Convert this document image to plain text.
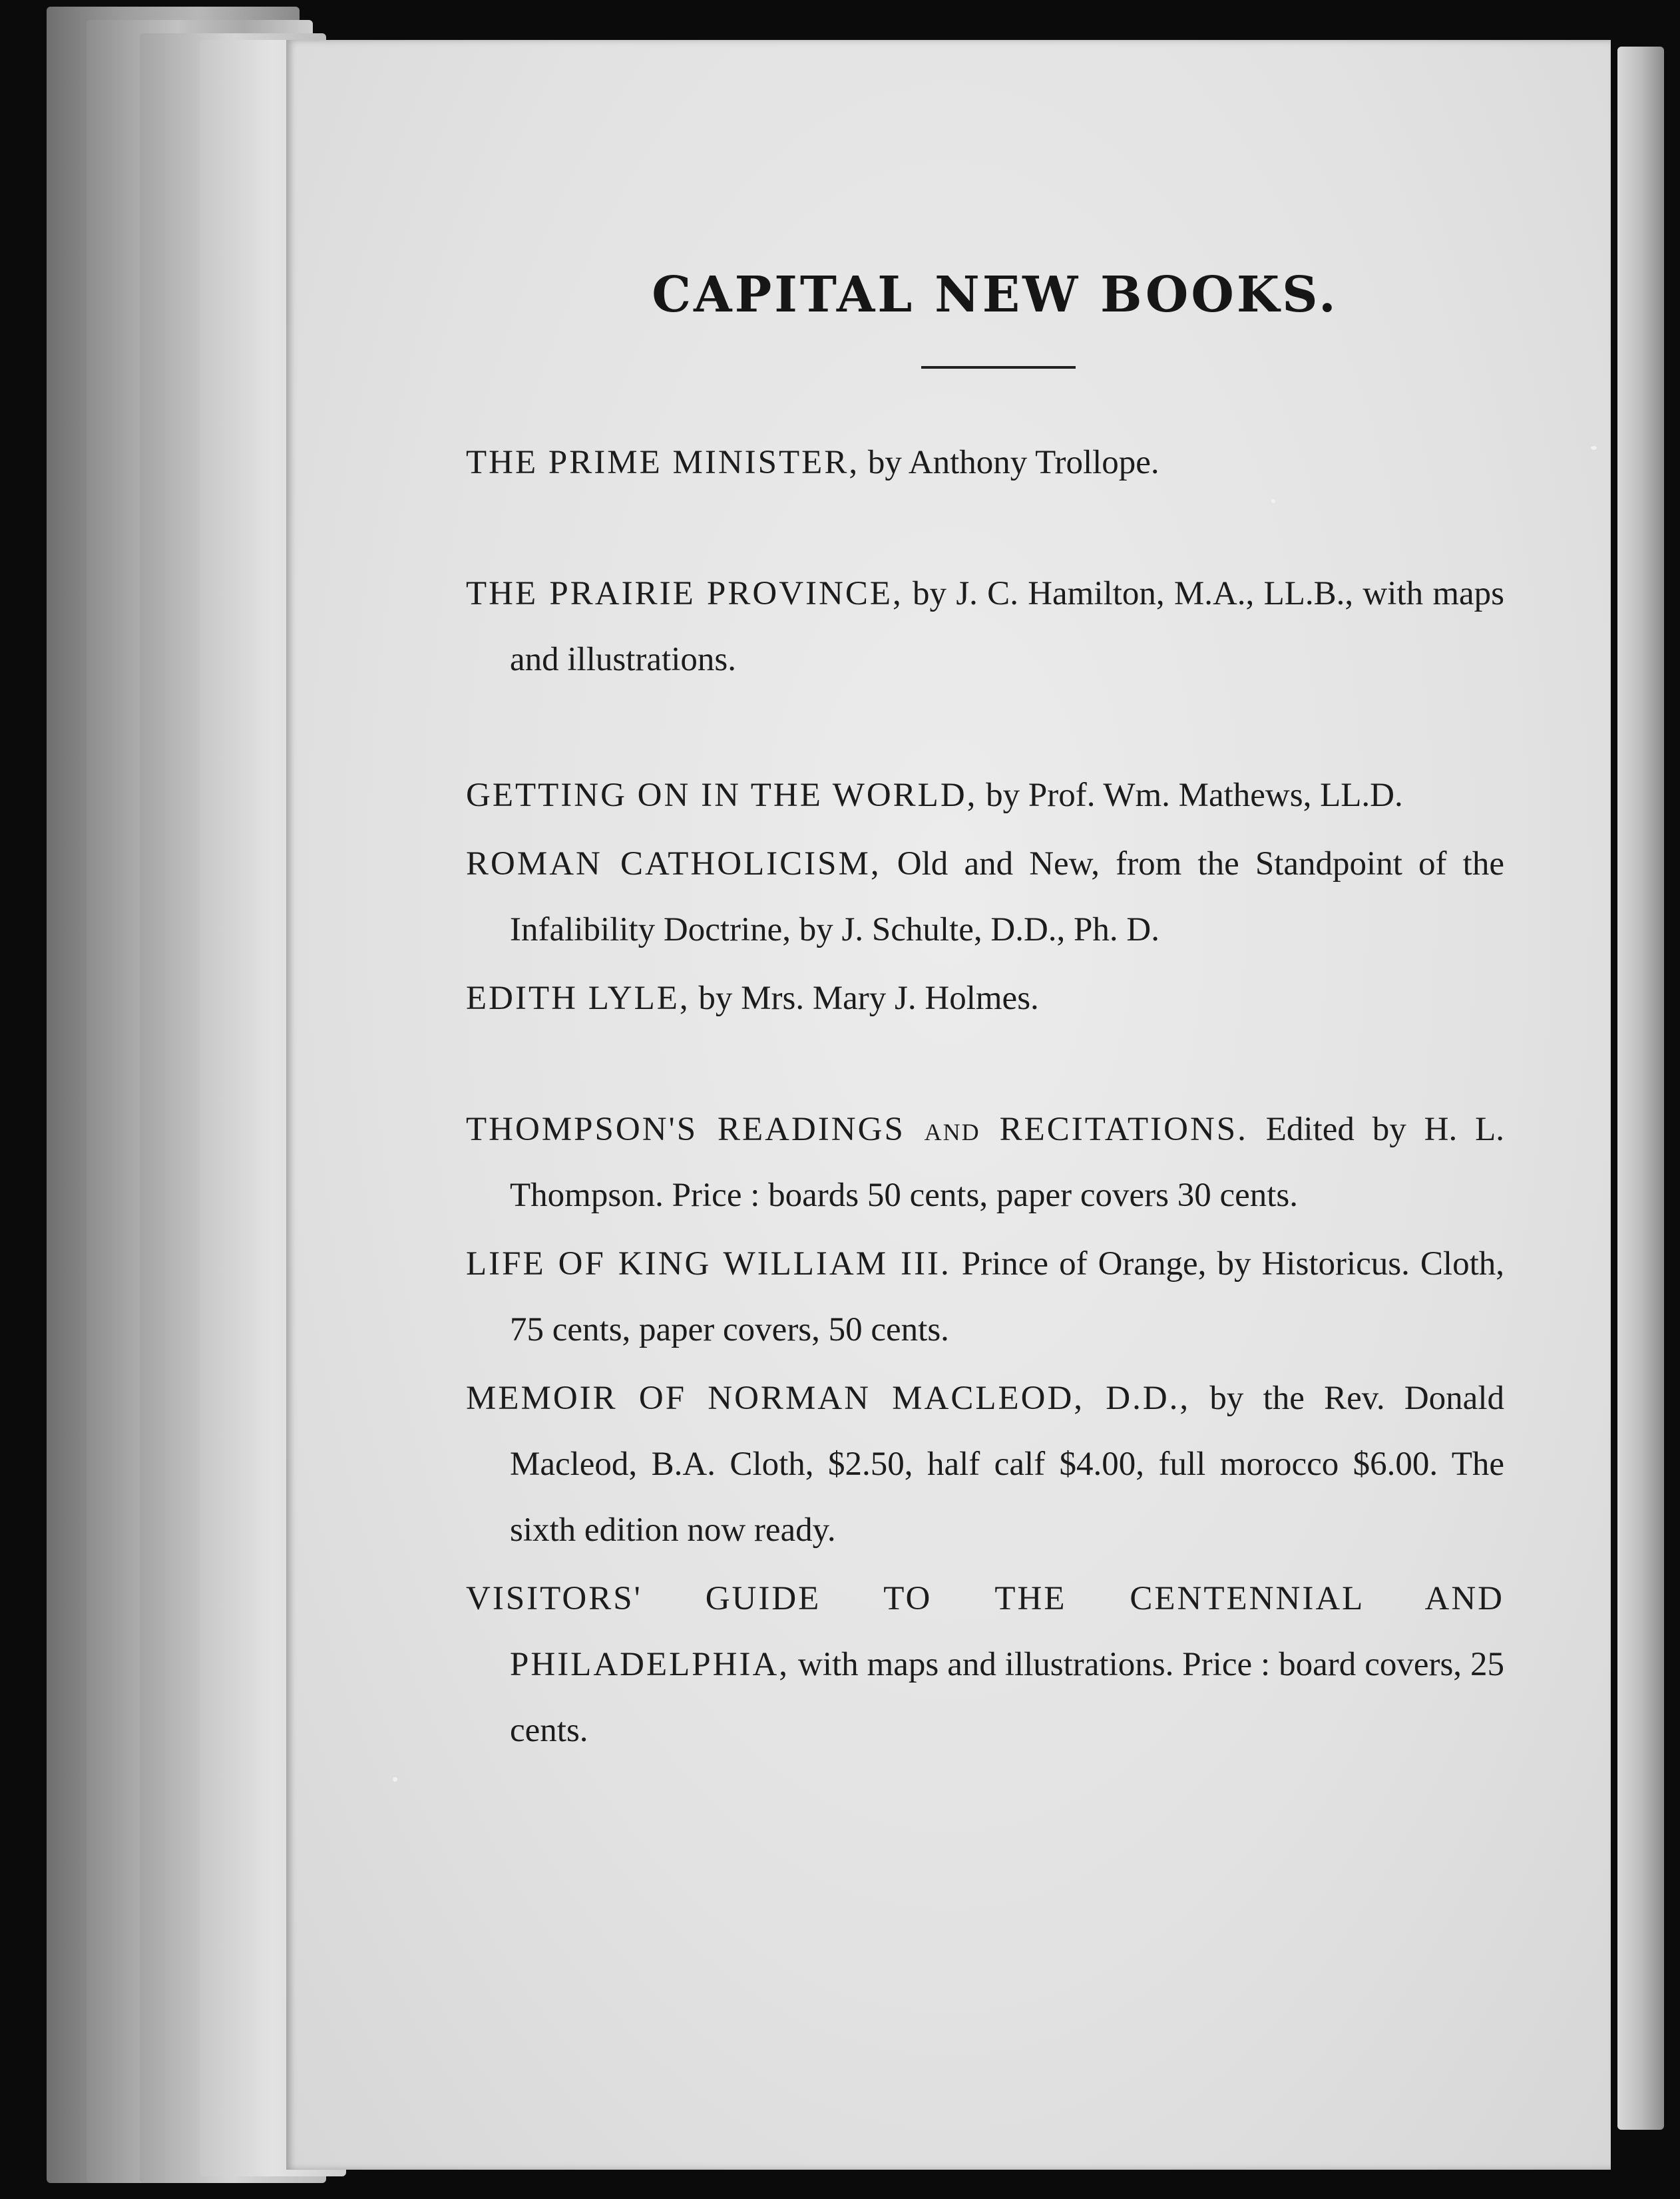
CAPITAL NEW BOOKS.
THE PRIME MINISTER, by Anthony Trollope.
THE PRAIRIE PROVINCE, by J. C. Hamilton, M.A., LL.B., with maps and illustrations.
GETTING ON IN THE WORLD, by Prof. Wm. Mathews, LL.D.
ROMAN CATHOLICISM, Old and New, from the Standpoint of the Infalibility Doctrine, by J. Schulte, D.D., Ph. D.
EDITH LYLE, by Mrs. Mary J. Holmes.
THOMPSON'S READINGS and RECITATIONS. Edited by H. L. Thompson. Price : boards 50 cents, paper covers 30 cents.
LIFE OF KING WILLIAM III. Prince of Orange, by Historicus. Cloth, 75 cents, paper covers, 50 cents.
MEMOIR OF NORMAN MACLEOD, D.D., by the Rev. Donald Macleod, B.A. Cloth, $2.50, half calf $4.00, full morocco $6.00. The sixth edition now ready.
VISITORS' GUIDE TO THE CENTENNIAL AND PHILADELPHIA, with maps and illustrations. Price : board covers, 25 cents.
